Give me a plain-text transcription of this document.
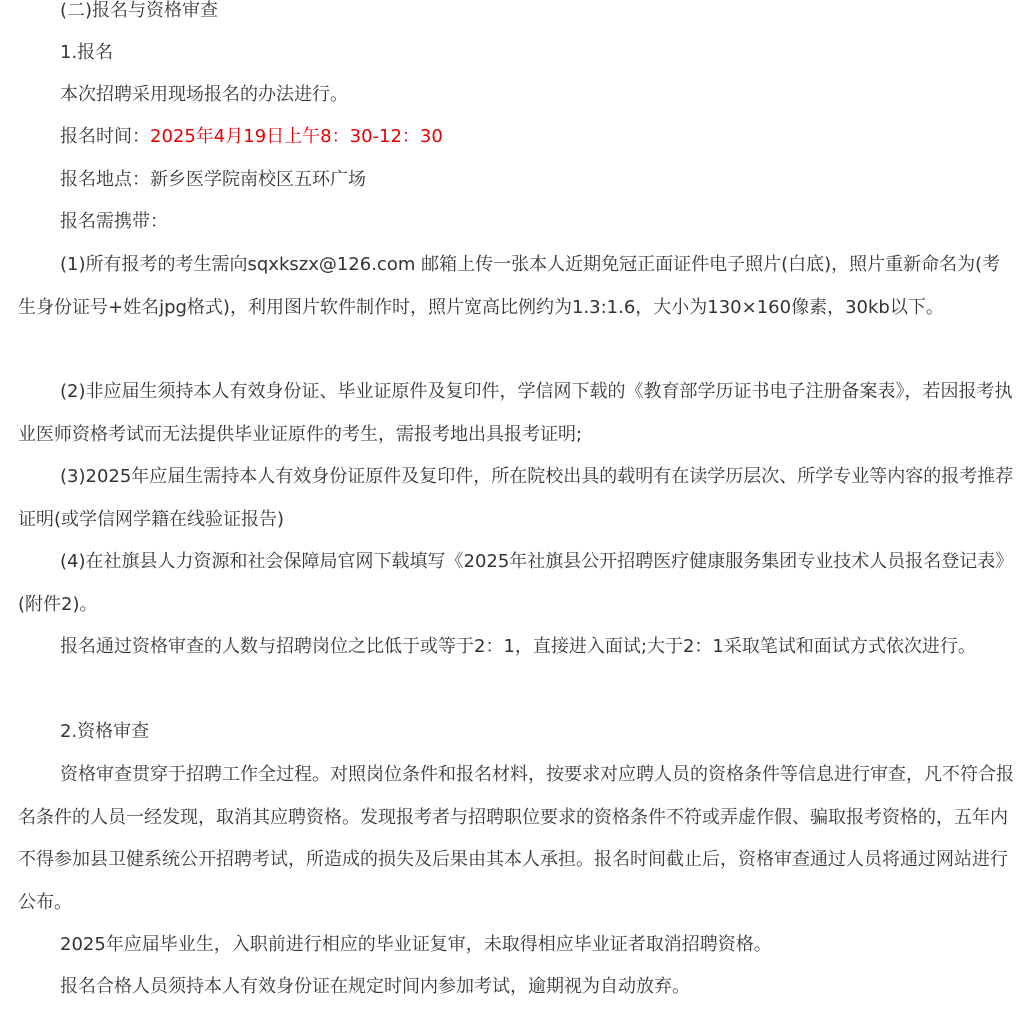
(二)报名与资格审查

1.报名

本次招聘采用现场报名的办法进行。

报名时间：2025年4月19日上午8：30-12：30

报名地点：新乡医学院南校区五环广场

报名需携带：

(1)所有报考的考生需向sqxkszx@126.com 邮箱上传一张本人近期免冠正面证件电子照片(白底)，照片重新命名为(考生身份证号+姓名jpg格式)，利用图片软件制作时，照片宽高比例约为1.3:1.6，大小为130×160像素，30kb以下。

(2)非应届生须持本人有效身份证、毕业证原件及复印件，学信网下载的《教育部学历证书电子注册备案表》，若因报考执业医师资格考试而无法提供毕业证原件的考生，需报考地出具报考证明;

(3)2025年应届生需持本人有效身份证原件及复印件，所在院校出具的载明有在读学历层次、所学专业等内容的报考推荐证明(或学信网学籍在线验证报告)

(4)在社旗县人力资源和社会保障局官网下载填写《2025年社旗县公开招聘医疗健康服务集团专业技术人员报名登记表》(附件2)。

报名通过资格审查的人数与招聘岗位之比低于或等于2：1，直接进入面试;大于2：1采取笔试和面试方式依次进行。

2.资格审查

资格审查贯穿于招聘工作全过程。对照岗位条件和报名材料，按要求对应聘人员的资格条件等信息进行审查，凡不符合报名条件的人员一经发现，取消其应聘资格。发现报考者与招聘职位要求的资格条件不符或弄虚作假、骗取报考资格的，五年内不得参加县卫健系统公开招聘考试，所造成的损失及后果由其本人承担。报名时间截止后，资格审查通过人员将通过网站进行公布。

2025年应届毕业生，入职前进行相应的毕业证复审，未取得相应毕业证者取消招聘资格。

报名合格人员须持本人有效身份证在规定时间内参加考试，逾期视为自动放弃。
